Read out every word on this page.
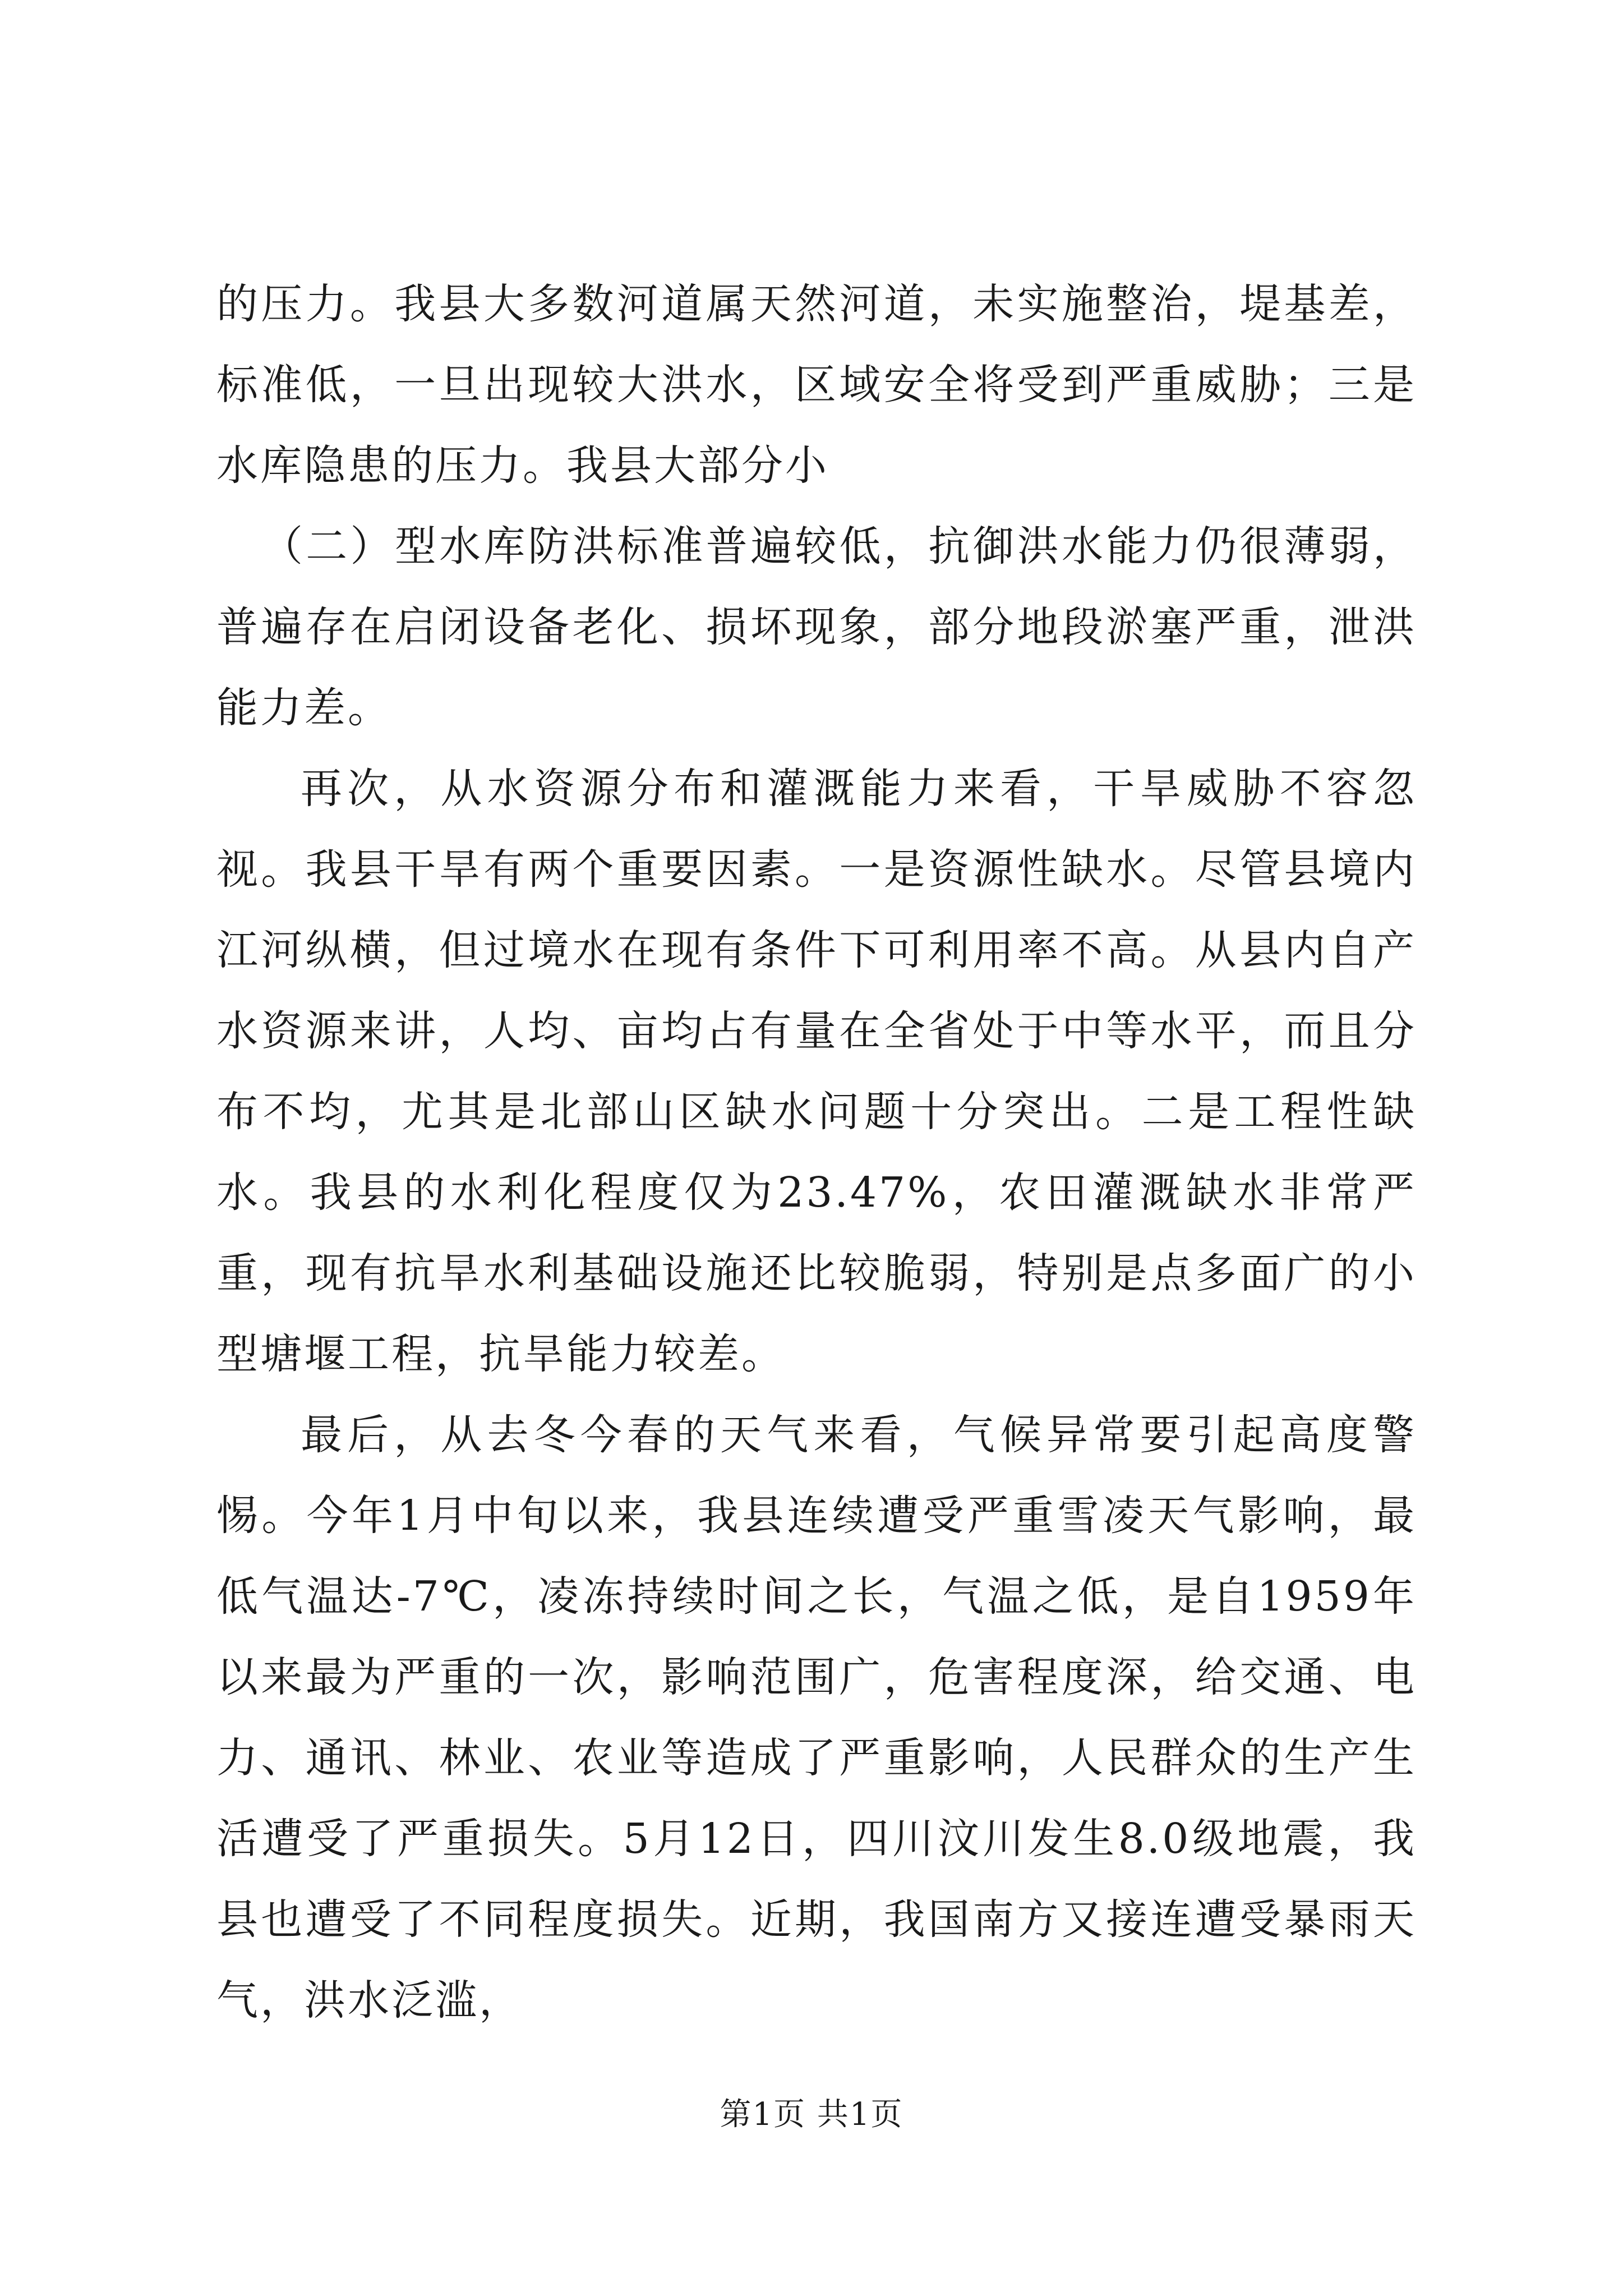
的压力。我县大多数河道属天然河道，未实施整治，堤基差，标准低，一旦出现较大洪水，区域安全将受到严重威胁；三是水库隐患的压力。我县大部分小

（二）型水库防洪标准普遍较低，抗御洪水能力仍很薄弱，普遍存在启闭设备老化、损坏现象，部分地段淤塞严重，泄洪能力差。

再次，从水资源分布和灌溉能力来看，干旱威胁不容忽视。我县干旱有两个重要因素。一是资源性缺水。尽管县境内江河纵横，但过境水在现有条件下可利用率不高。从县内自产水资源来讲，人均、亩均占有量在全省处于中等水平，而且分布不均，尤其是北部山区缺水问题十分突出。二是工程性缺水。我县的水利化程度仅为23.47%，农田灌溉缺水非常严重，现有抗旱水利基础设施还比较脆弱，特别是点多面广的小型塘堰工程，抗旱能力较差。

最后，从去冬今春的天气来看，气候异常要引起高度警惕。今年1月中旬以来，我县连续遭受严重雪凌天气影响，最低气温达-7℃，凌冻持续时间之长，气温之低，是自1959年以来最为严重的一次，影响范围广，危害程度深，给交通、电力、通讯、林业、农业等造成了严重影响，人民群众的生产生活遭受了严重损失。5月12日，四川汶川发生8.0级地震，我县也遭受了不同程度损失。近期，我国南方又接连遭受暴雨天气，洪水泛滥，

第1页 共1页
